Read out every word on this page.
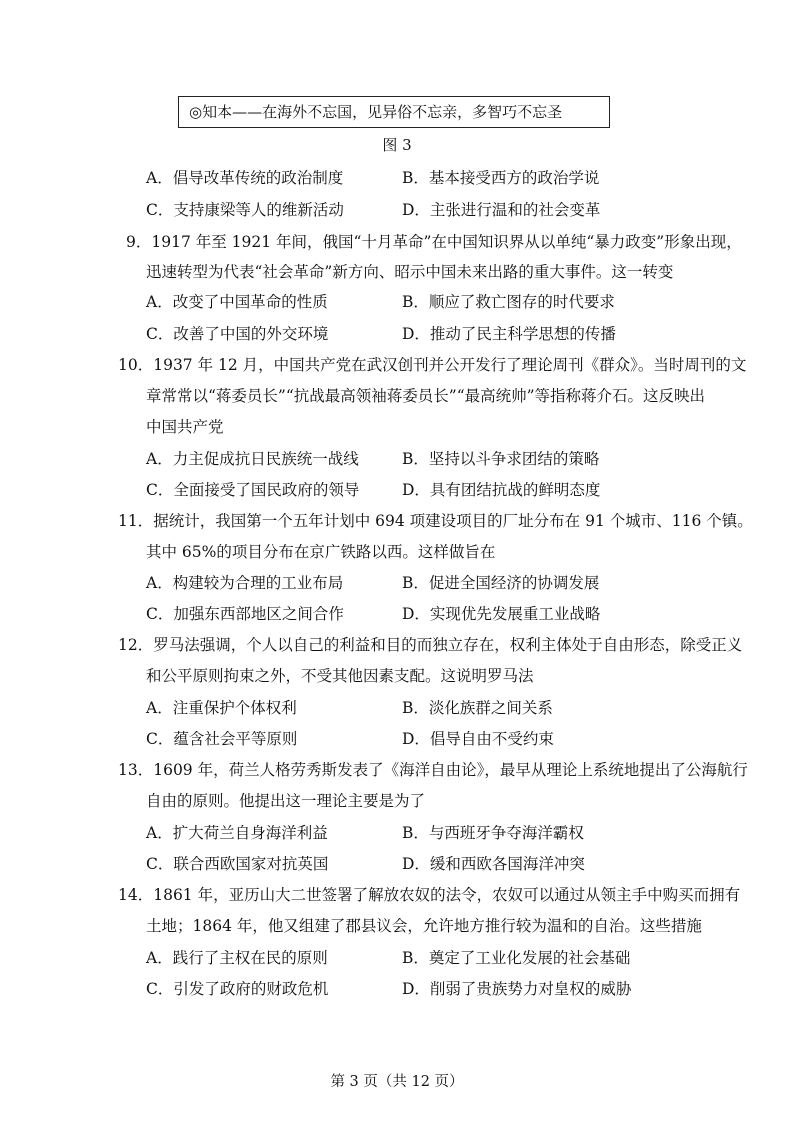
◎知本——在海外不忘国，见异俗不忘亲，多智巧不忘圣
图 3
A．倡导改革传统的政治制度	B．基本接受西方的政治学说
C．支持康梁等人的维新活动	D．主张进行温和的社会变革
9．1917 年至 1921 年间，俄国“十月革命”在中国知识界从以单纯“暴力政变”形象出现，
迅速转型为代表“社会革命”新方向、昭示中国未来出路的重大事件。这一转变
A．改变了中国革命的性质	B．顺应了救亡图存的时代要求
C．改善了中国的外交环境	D．推动了民主科学思想的传播
10．1937 年 12 月，中国共产党在武汉创刊并公开发行了理论周刊《群众》。当时周刊的文
章常常以“蒋委员长”“抗战最高领袖蒋委员长”“最高统帅”等指称蒋介石。这反映出
中国共产党
A．力主促成抗日民族统一战线	B．坚持以斗争求团结的策略
C．全面接受了国民政府的领导	D．具有团结抗战的鲜明态度
11．据统计，我国第一个五年计划中 694 项建设项目的厂址分布在 91 个城市、116 个镇。
其中 65%的项目分布在京广铁路以西。这样做旨在
A．构建较为合理的工业布局	B．促进全国经济的协调发展
C．加强东西部地区之间合作	D．实现优先发展重工业战略
12．罗马法强调，个人以自己的利益和目的而独立存在，权利主体处于自由形态，除受正义
和公平原则拘束之外，不受其他因素支配。这说明罗马法
A．注重保护个体权利	B．淡化族群之间关系
C．蕴含社会平等原则	D．倡导自由不受约束
13．1609 年，荷兰人格劳秀斯发表了《海洋自由论》，最早从理论上系统地提出了公海航行
自由的原则。他提出这一理论主要是为了
A．扩大荷兰自身海洋利益	B．与西班牙争夺海洋霸权
C．联合西欧国家对抗英国	D．缓和西欧各国海洋冲突
14．1861 年，亚历山大二世签署了解放农奴的法令，农奴可以通过从领主手中购买而拥有
土地；1864 年，他又组建了郡县议会，允许地方推行较为温和的自治。这些措施
A．践行了主权在民的原则	B．奠定了工业化发展的社会基础
C．引发了政府的财政危机	D．削弱了贵族势力对皇权的威胁
第 3 页（共 12 页）
